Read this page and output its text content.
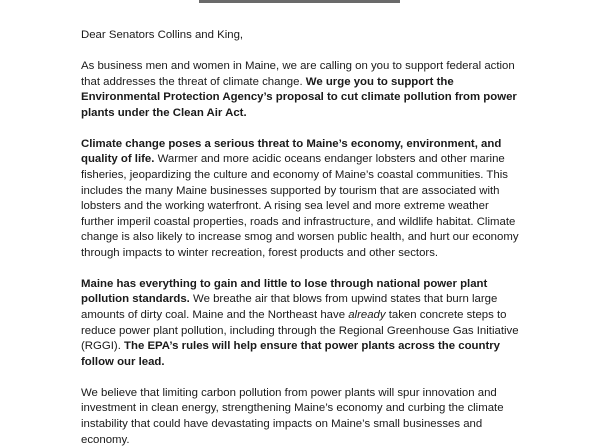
Dear Senators Collins and King,

As business men and women in Maine, we are calling on you to support federal action that addresses the threat of climate change. We urge you to support the Environmental Protection Agency’s proposal to cut climate pollution from power plants under the Clean Air Act.

Climate change poses a serious threat to Maine’s economy, environment, and quality of life. Warmer and more acidic oceans endanger lobsters and other marine fisheries, jeopardizing the culture and economy of Maine’s coastal communities. This includes the many Maine businesses supported by tourism that are associated with lobsters and the working waterfront. A rising sea level and more extreme weather further imperil coastal properties, roads and infrastructure, and wildlife habitat. Climate change is also likely to increase smog and worsen public health, and hurt our economy through impacts to winter recreation, forest products and other sectors.

Maine has everything to gain and little to lose through national power plant pollution standards. We breathe air that blows from upwind states that burn large amounts of dirty coal. Maine and the Northeast have already taken concrete steps to reduce power plant pollution, including through the Regional Greenhouse Gas Initiative (RGGI). The EPA’s rules will help ensure that power plants across the country follow our lead.

We believe that limiting carbon pollution from power plants will spur innovation and investment in clean energy, strengthening Maine’s economy and curbing the climate instability that could have devastating impacts on Maine’s small businesses and economy.
